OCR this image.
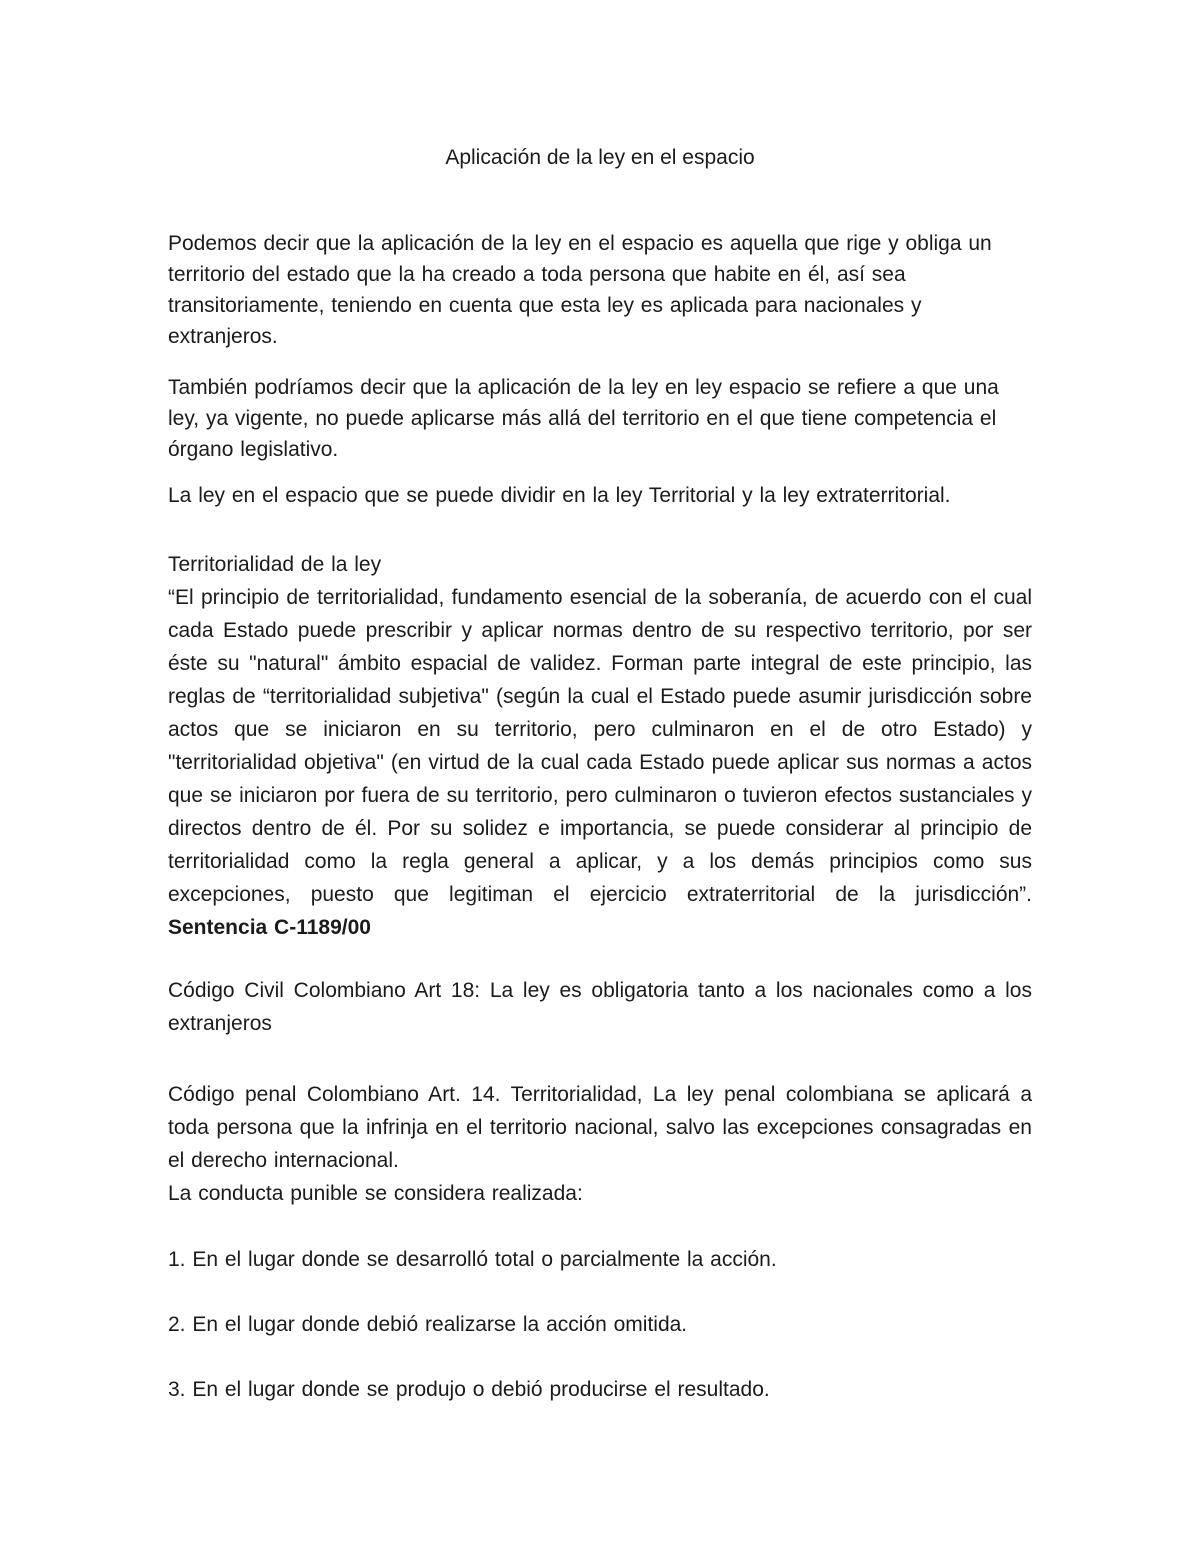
Aplicación de la ley en el espacio

Podemos decir que la aplicación de la ley en el espacio es aquella que rige y obliga un territorio del estado que la ha creado a toda persona que habite en él, así sea transitoriamente, teniendo en cuenta que esta ley es aplicada para nacionales y extranjeros.

También podríamos decir que la aplicación de la ley en ley espacio se refiere a que una ley, ya vigente, no puede aplicarse más allá del territorio en el que tiene competencia el órgano legislativo.

La ley en el espacio que se puede dividir en la ley Territorial y la ley extraterritorial.

Territorialidad de la ley

“El principio de territorialidad, fundamento esencial de la soberanía, de acuerdo con el cual cada Estado puede prescribir y aplicar normas dentro de su respectivo territorio, por ser éste su "natural" ámbito espacial de validez. Forman parte integral de este principio, las reglas de “territorialidad subjetiva" (según la cual el Estado puede asumir jurisdicción sobre actos que se iniciaron en su territorio, pero culminaron en el de otro Estado) y "territorialidad objetiva" (en virtud de la cual cada Estado puede aplicar sus normas a actos que se iniciaron por fuera de su territorio, pero culminaron o tuvieron efectos sustanciales y directos dentro de él. Por su solidez e importancia, se puede considerar al principio de territorialidad como la regla general a aplicar, y a los demás principios como sus excepciones, puesto que legitiman el ejercicio extraterritorial de la jurisdicción”.

Sentencia C-1189/00

Código Civil Colombiano Art 18: La ley es obligatoria tanto a los nacionales como a los extranjeros

Código penal Colombiano Art. 14. Territorialidad, La ley penal colombiana se aplicará a toda persona que la infrinja en el territorio nacional, salvo las excepciones consagradas en el derecho internacional.

La conducta punible se considera realizada:

1. En el lugar donde se desarrolló total o parcialmente la acción.

2. En el lugar donde debió realizarse la acción omitida.

3. En el lugar donde se produjo o debió producirse el resultado.
